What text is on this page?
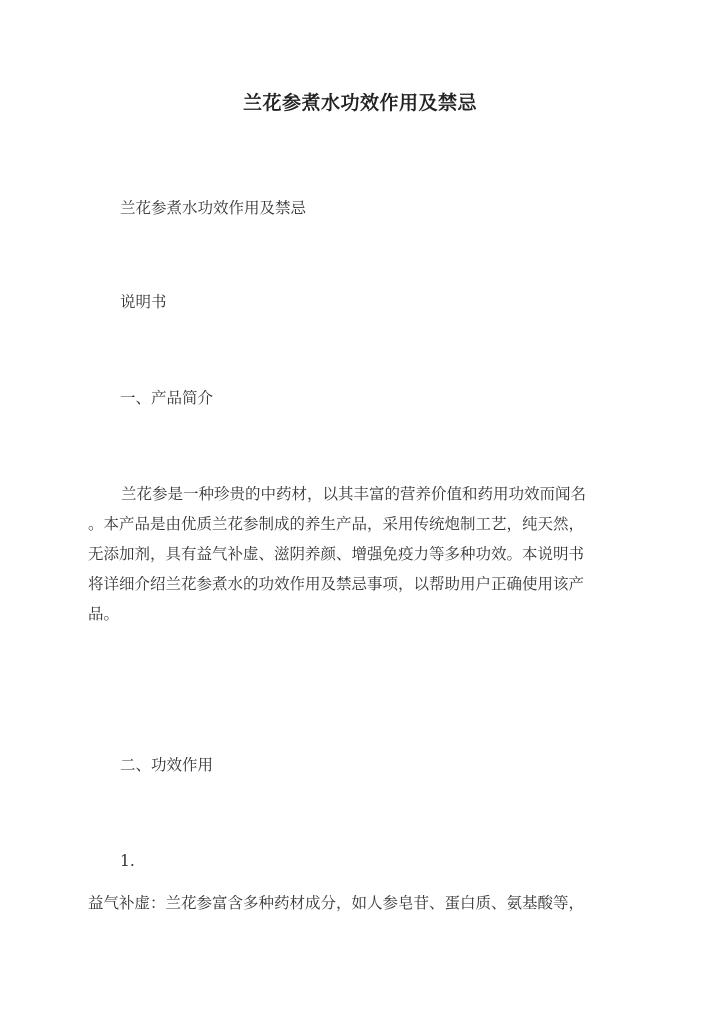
兰花参煮水功效作用及禁忌
兰花参煮水功效作用及禁忌
说明书
一、产品简介
兰花参是一种珍贵的中药材，以其丰富的营养价值和药用功效而闻名
。本产品是由优质兰花参制成的养生产品，采用传统炮制工艺，纯天然，
无添加剂，具有益气补虚、滋阴养颜、增强免疫力等多种功效。本说明书
将详细介绍兰花参煮水的功效作用及禁忌事项，以帮助用户正确使用该产
品。
二、功效作用
1.
益气补虚：兰花参富含多种药材成分，如人参皂苷、蛋白质、氨基酸等，
